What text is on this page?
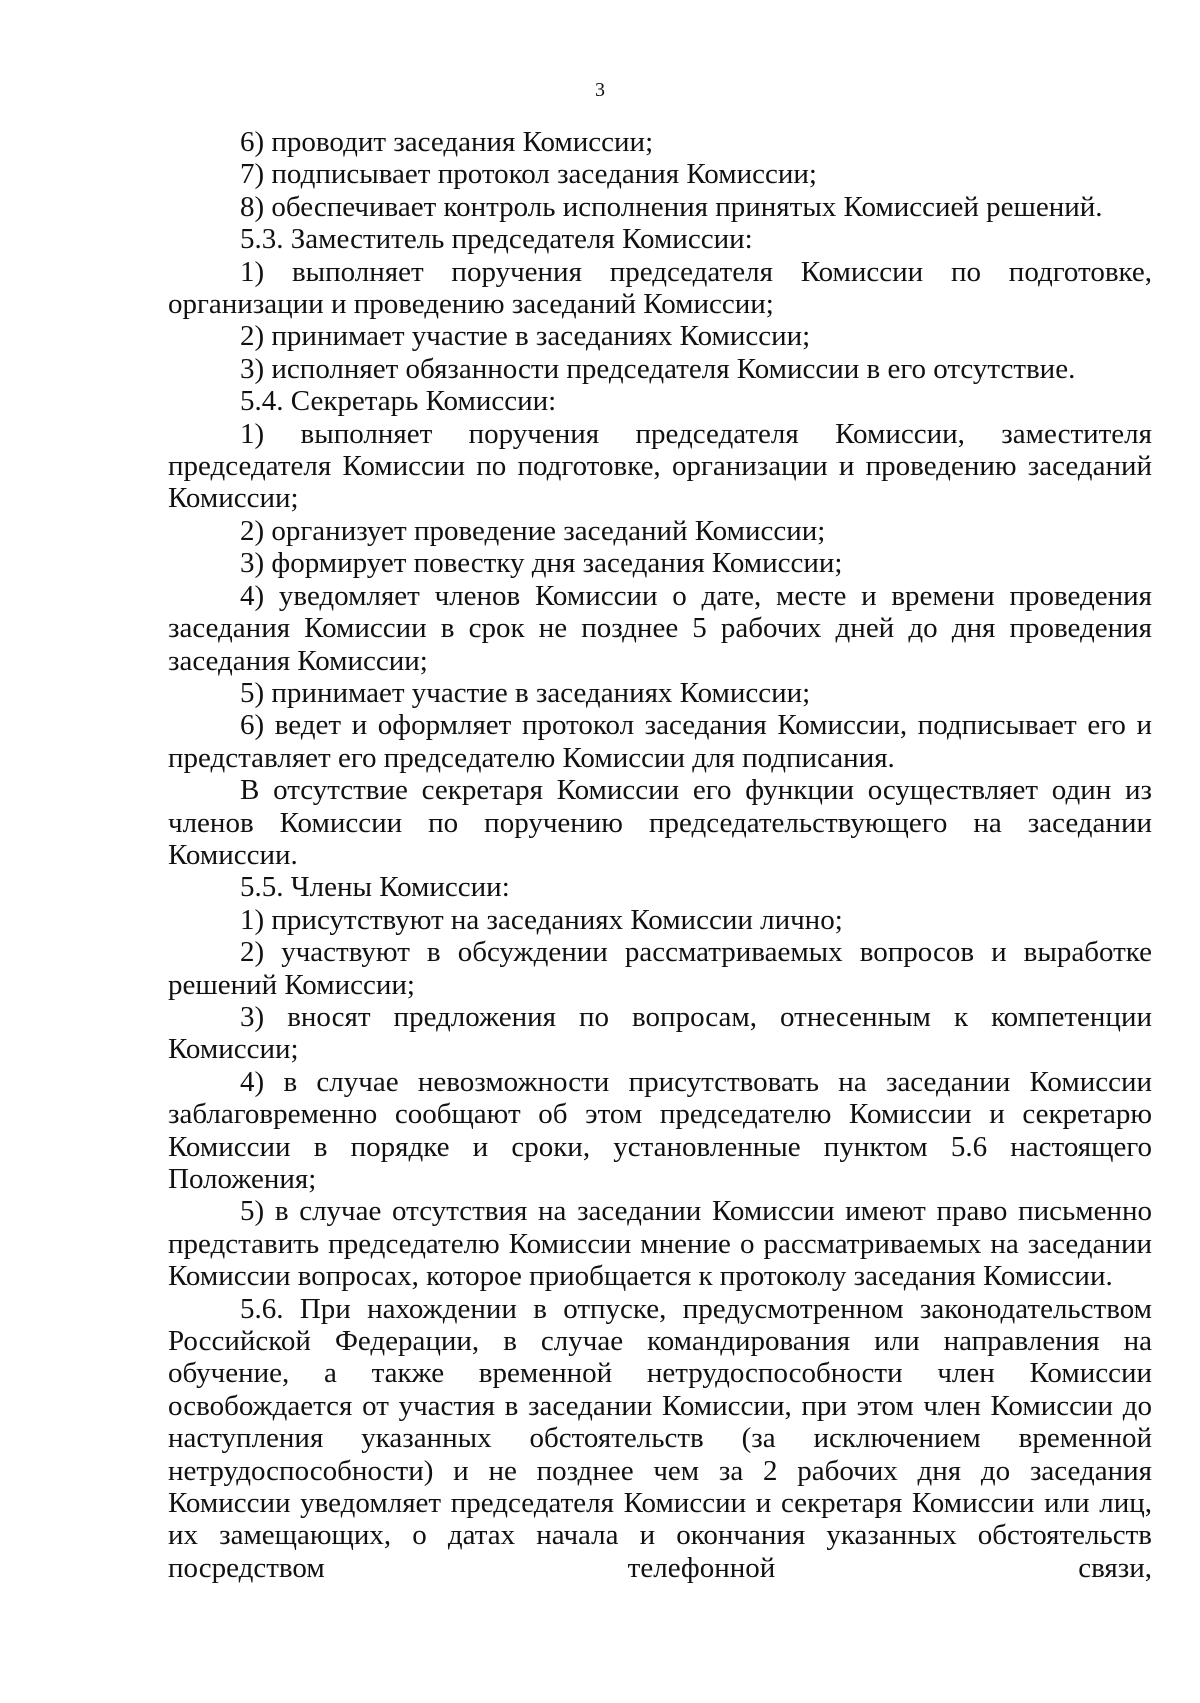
3

6) проводит заседания Комиссии;

7) подписывает протокол заседания Комиссии;

8) обеспечивает контроль исполнения принятых Комиссией решений.

5.3. Заместитель председателя Комиссии:

1) выполняет поручения председателя Комиссии по подготовке, организации и проведению заседаний Комиссии;

2) принимает участие в заседаниях Комиссии;

3) исполняет обязанности председателя Комиссии в его отсутствие.

5.4. Секретарь Комиссии:

1) выполняет поручения председателя Комиссии, заместителя председателя Комиссии по подготовке, организации и проведению заседаний Комиссии;

2) организует проведение заседаний Комиссии;

3) формирует повестку дня заседания Комиссии;

4) уведомляет членов Комиссии о дате, месте и времени проведения заседания Комиссии в срок не позднее 5 рабочих дней до дня проведения заседания Комиссии;

5) принимает участие в заседаниях Комиссии;

6) ведет и оформляет протокол заседания Комиссии, подписывает его и представляет его председателю Комиссии для подписания.

В отсутствие секретаря Комиссии его функции осуществляет один из членов Комиссии по поручению председательствующего на заседании Комиссии.

5.5. Члены Комиссии:

1) присутствуют на заседаниях Комиссии лично;

2) участвуют в обсуждении рассматриваемых вопросов и выработке решений Комиссии;

3) вносят предложения по вопросам, отнесенным к компетенции Комиссии;

4) в случае невозможности присутствовать на заседании Комиссии заблаговременно сообщают об этом председателю Комиссии и секретарю Комиссии в порядке и сроки, установленные пунктом 5.6 настоящего Положения;

5) в случае отсутствия на заседании Комиссии имеют право письменно представить председателю Комиссии мнение о рассматриваемых на заседании Комиссии вопросах, которое приобщается к протоколу заседания Комиссии.

5.6. При нахождении в отпуске, предусмотренном законодательством Российской Федерации, в случае командирования или направления на обучение, а также временной нетрудоспособности член Комиссии освобождается от участия в заседании Комиссии, при этом член Комиссии до наступления указанных обстоятельств (за исключением временной нетрудоспособности) и не позднее чем за 2 рабочих дня до заседания Комиссии уведомляет председателя Комиссии и секретаря Комиссии или лиц, их замещающих, о датах начала и окончания указанных обстоятельств посредством телефонной связи,
